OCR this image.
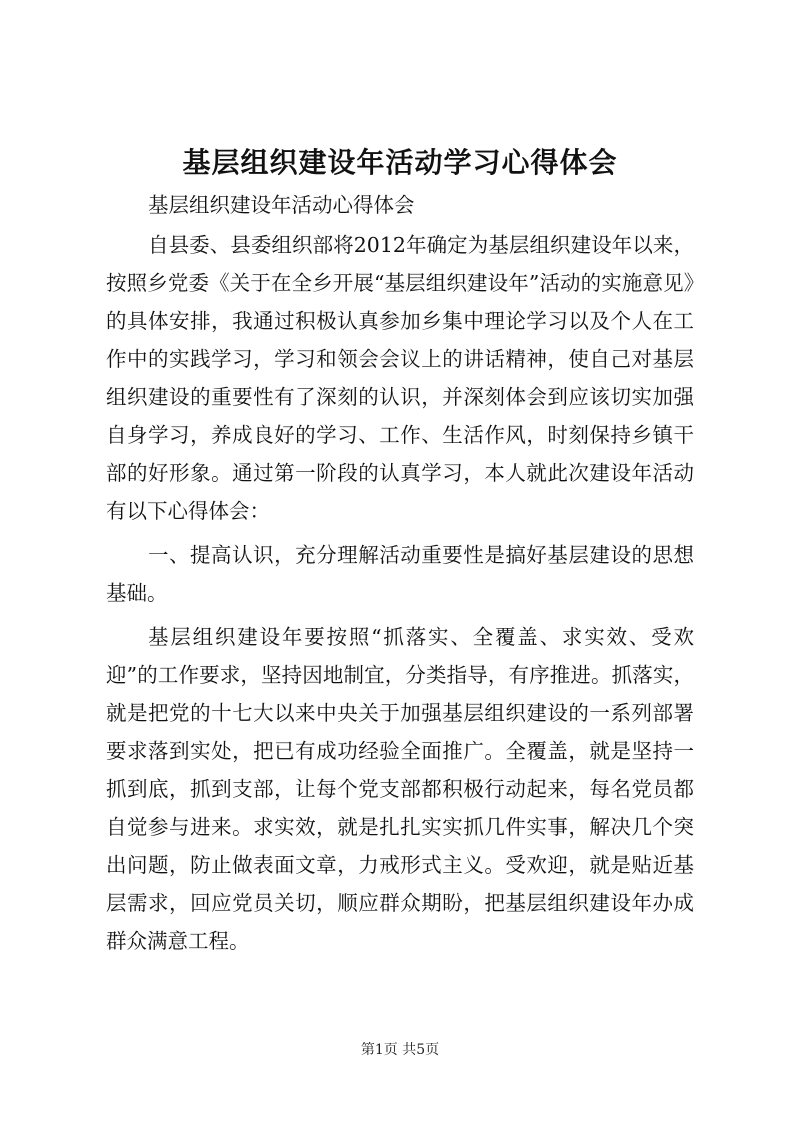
基层组织建设年活动学习心得体会

基层组织建设年活动心得体会

自县委、县委组织部将2012年确定为基层组织建设年以来，按照乡党委《关于在全乡开展“基层组织建设年”活动的实施意见》的具体安排，我通过积极认真参加乡集中理论学习以及个人在工作中的实践学习，学习和领会会议上的讲话精神，使自己对基层组织建设的重要性有了深刻的认识，并深刻体会到应该切实加强自身学习，养成良好的学习、工作、生活作风，时刻保持乡镇干部的好形象。通过第一阶段的认真学习，本人就此次建设年活动有以下心得体会：

一、提高认识，充分理解活动重要性是搞好基层建设的思想基础。

基层组织建设年要按照“抓落实、全覆盖、求实效、受欢迎”的工作要求，坚持因地制宜，分类指导，有序推进。抓落实，就是把党的十七大以来中央关于加强基层组织建设的一系列部署要求落到实处，把已有成功经验全面推广。全覆盖，就是坚持一抓到底，抓到支部，让每个党支部都积极行动起来，每名党员都自觉参与进来。求实效，就是扎扎实实抓几件实事，解决几个突出问题，防止做表面文章，力戒形式主义。受欢迎，就是贴近基层需求，回应党员关切，顺应群众期盼，把基层组织建设年办成群众满意工程。

第1页 共5页
